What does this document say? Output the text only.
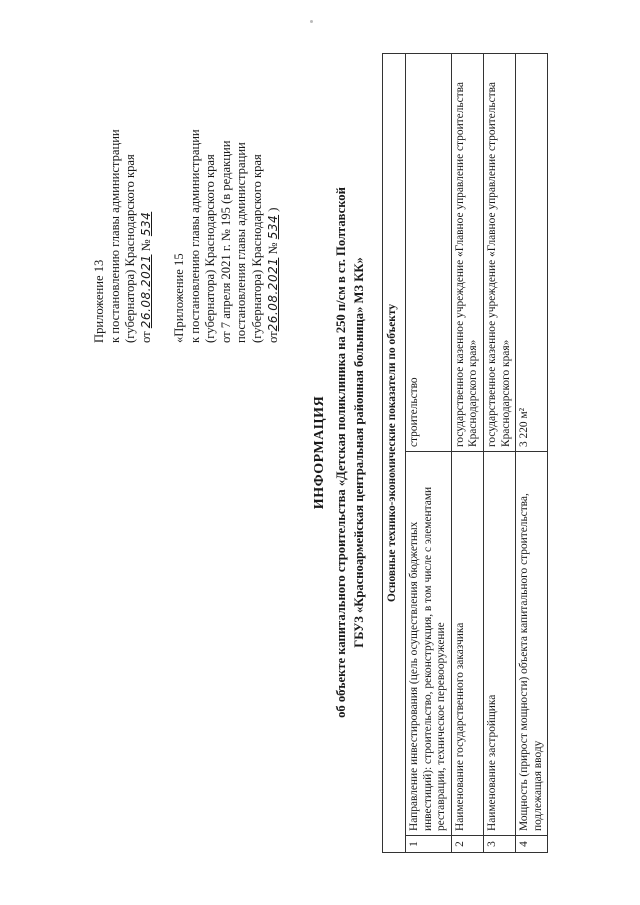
Приложение 13 к постановлению главы администрации (губернатора) Краснодарского края от 26.08.2021 № 534
«Приложение 15 к постановлению главы администрации (губернатора) Краснодарского края от 7 апреля 2021 г. № 195 (в редакции постановления главы администрации (губернатора) Краснодарского края от26.08.2021 № 534 )
ИНФОРМАЦИЯ об объекте капитального строительства «Детская поликлиника на 250 п/см в ст. Полтавской ГБУЗ «Красноармейская центральная районная больница» МЗ КК» Основные технико-экономические показатели по объекту		
1	Направление инвестирования (цель осуществления бюджетных инвестиций): строительство, реконструкция, в том числе с элементами реставрации, техническое перевооружение	строительство
2	Наименование государственного заказчика	государственное казенное учреждение «Главное управление строительства Краснодарского края»
3	Наименование застройщика	государственное казенное учреждение «Главное управление строительства Краснодарского края»
4	Мощность (прирост мощности) объекта капитального строительства, подлежащая вводу	3 220 м²
